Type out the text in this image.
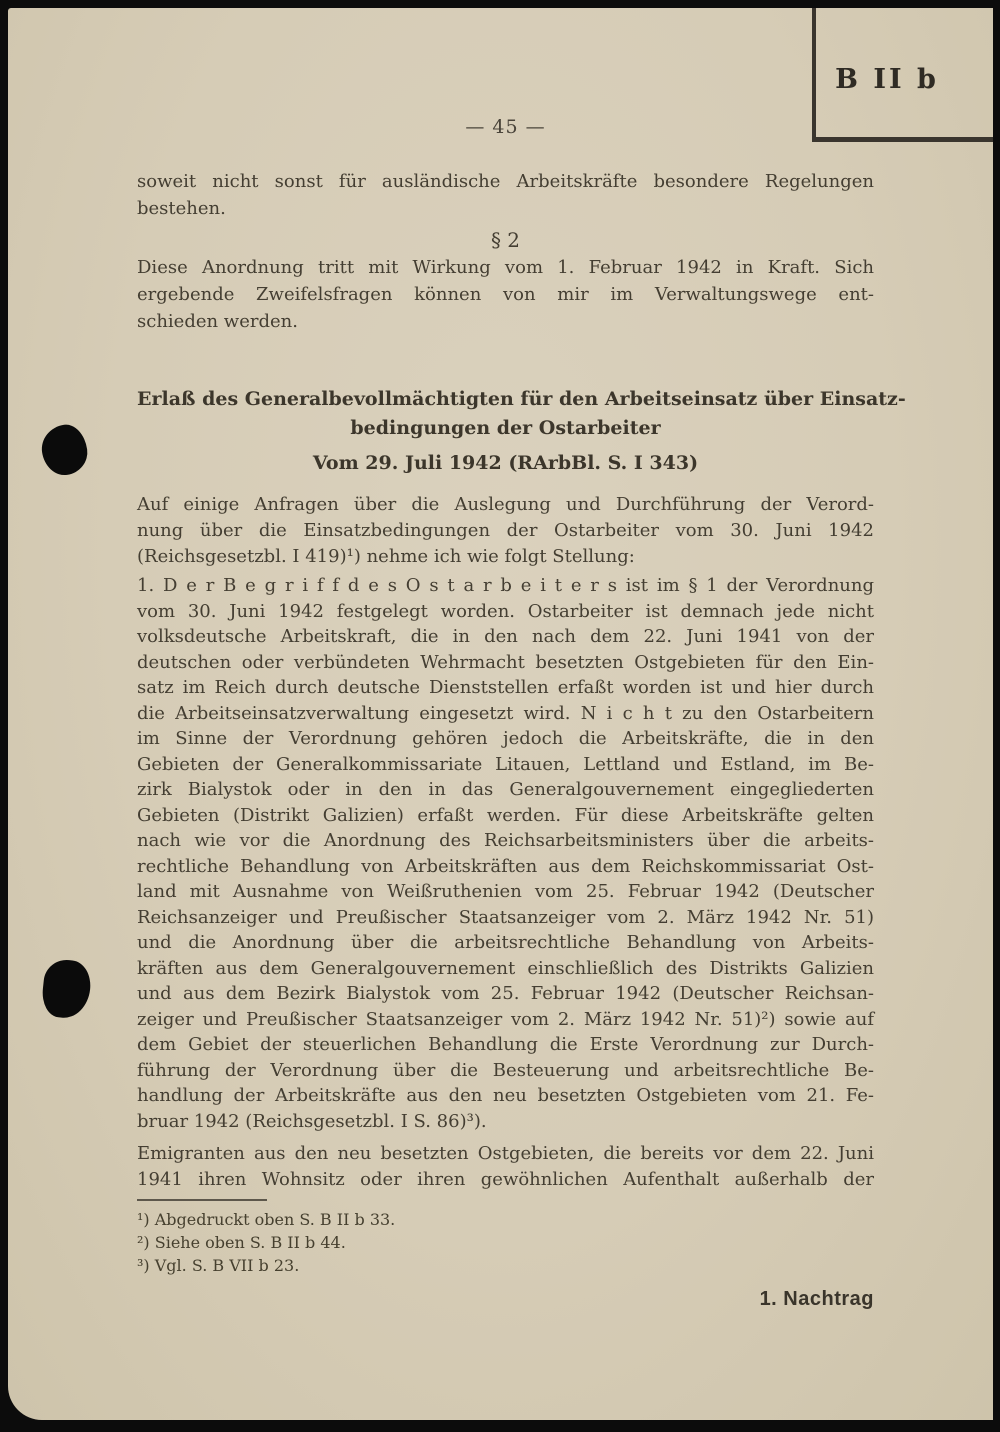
B II b
— 45 —
soweit nicht sonst für ausländische Arbeitskräfte besondere Regelungen
bestehen.
§ 2
Diese Anordnung tritt mit Wirkung vom 1. Februar 1942 in Kraft. Sich
ergebende Zweifelsfragen können von mir im Verwaltungswege ent-
schieden werden.
Erlaß des Generalbevollmächtigten für den Arbeitseinsatz über Einsatz-
bedingungen der Ostarbeiter
Vom 29. Juli 1942 (RArbBl. S. I 343)
Auf einige Anfragen über die Auslegung und Durchführung der Verord-
nung über die Einsatzbedingungen der Ostarbeiter vom 30. Juni 1942
(Reichsgesetzbl. I 419)¹) nehme ich wie folgt Stellung:
1. D e r B e g r i f f d e s O s t a r b e i t e r s ist im § 1 der Verordnung
vom 30. Juni 1942 festgelegt worden. Ostarbeiter ist demnach jede nicht
volksdeutsche Arbeitskraft, die in den nach dem 22. Juni 1941 von der
deutschen oder verbündeten Wehrmacht besetzten Ostgebieten für den Ein-
satz im Reich durch deutsche Dienststellen erfaßt worden ist und hier durch
die Arbeitseinsatzverwaltung eingesetzt wird. N i c h t zu den Ostarbeitern
im Sinne der Verordnung gehören jedoch die Arbeitskräfte, die in den
Gebieten der Generalkommissariate Litauen, Lettland und Estland, im Be-
zirk Bialystok oder in den in das Generalgouvernement eingegliederten
Gebieten (Distrikt Galizien) erfaßt werden. Für diese Arbeitskräfte gelten
nach wie vor die Anordnung des Reichsarbeitsministers über die arbeits-
rechtliche Behandlung von Arbeitskräften aus dem Reichskommissariat Ost-
land mit Ausnahme von Weißruthenien vom 25. Februar 1942 (Deutscher
Reichsanzeiger und Preußischer Staatsanzeiger vom 2. März 1942 Nr. 51)
und die Anordnung über die arbeitsrechtliche Behandlung von Arbeits-
kräften aus dem Generalgouvernement einschließlich des Distrikts Galizien
und aus dem Bezirk Bialystok vom 25. Februar 1942 (Deutscher Reichsan-
zeiger und Preußischer Staatsanzeiger vom 2. März 1942 Nr. 51)²) sowie auf
dem Gebiet der steuerlichen Behandlung die Erste Verordnung zur Durch-
führung der Verordnung über die Besteuerung und arbeitsrechtliche Be-
handlung der Arbeitskräfte aus den neu besetzten Ostgebieten vom 21. Fe-
bruar 1942 (Reichsgesetzbl. I S. 86)³).
Emigranten aus den neu besetzten Ostgebieten, die bereits vor dem 22. Juni
1941 ihren Wohnsitz oder ihren gewöhnlichen Aufenthalt außerhalb der
¹) Abgedruckt oben S. B II b 33.
²) Siehe oben S. B II b 44.
³) Vgl. S. B VII b 23.
1. Nachtrag
